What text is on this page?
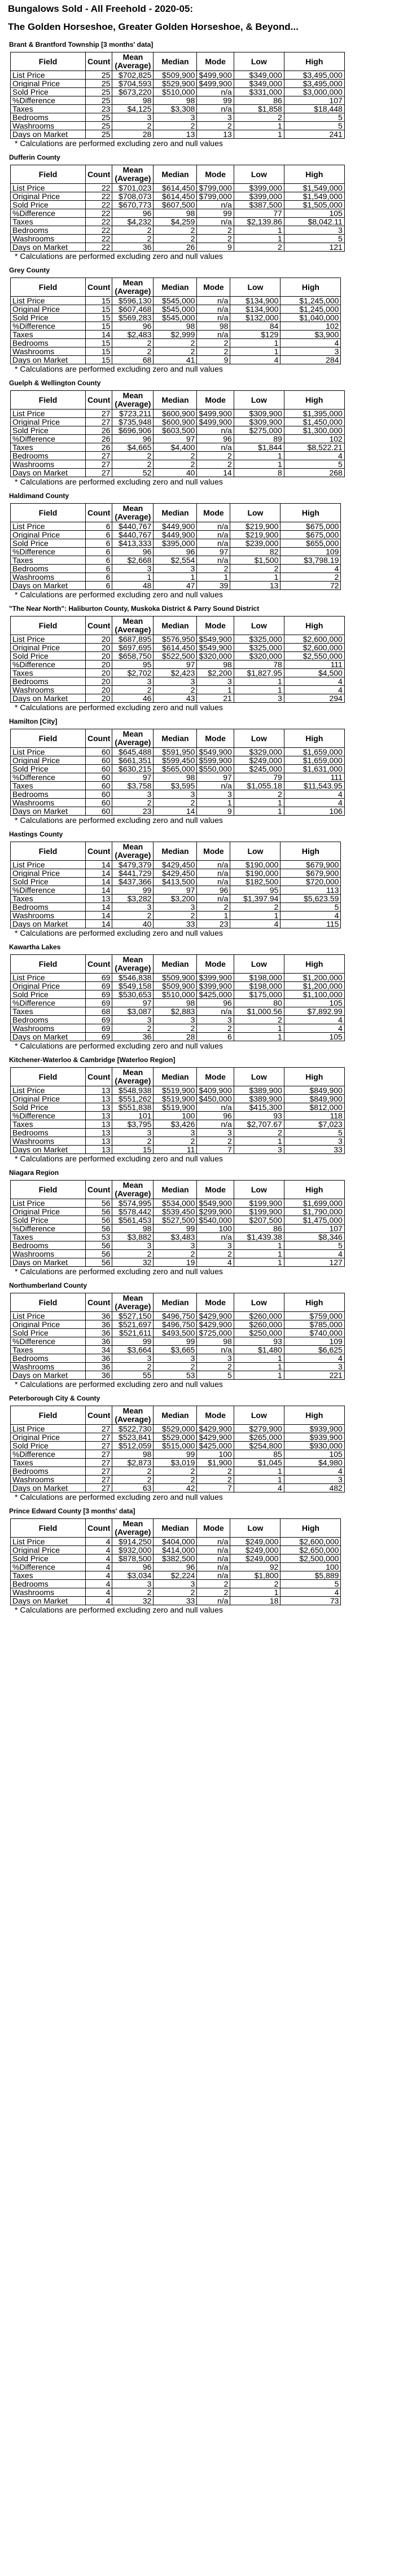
Bungalows Sold - All Freehold - 2020-05:
The Golden Horseshoe, Greater Golden Horseshoe, & Beyond...
Brant & Brantford Township [3 months' data]
Field	Count	Mean (Average)	Median	Mode	Low	High
List Price	25	$702,825	$509,900	$499,900	$349,000	$3,495,000
Original Price	25	$704,593	$529,900	$499,900	$349,000	$3,495,000
Sold Price	25	$673,220	$510,000	n/a	$331,000	$3,000,000
%Difference	25	98	98	99	86	107
Taxes	23	$4,125	$3,308	n/a	$1,858	$18,448
Bedrooms	25	3	3	3	2	5
Washrooms	25	2	2	2	1	5
Days on Market	25	28	13	13	1	241
* Calculations are performed excluding zero and null values
Dufferin County
Field	Count	Mean (Average)	Median	Mode	Low	High
List Price	22	$701,023	$614,450	$799,000	$399,000	$1,549,000
Original Price	22	$708,073	$614,450	$799,000	$399,000	$1,549,000
Sold Price	22	$670,773	$607,500	n/a	$387,500	$1,505,000
%Difference	22	96	98	99	77	105
Taxes	22	$4,232	$4,259	n/a	$2,139.86	$8,042.11
Bedrooms	22	2	2	2	1	3
Washrooms	22	2	2	2	1	5
Days on Market	22	36	26	9	2	121
* Calculations are performed excluding zero and null values
Grey County
Field	Count	Mean (Average)	Median	Mode	Low	High
List Price	15	$596,130	$545,000	n/a	$134,900	$1,245,000
Original Price	15	$607,468	$545,000	n/a	$134,900	$1,245,000
Sold Price	15	$569,283	$545,000	n/a	$132,000	$1,040,000
%Difference	15	96	98	98	84	102
Taxes	14	$2,483	$2,999	n/a	$129	$3,900
Bedrooms	15	2	2	2	1	4
Washrooms	15	2	2	2	1	3
Days on Market	15	68	41	9	4	284
* Calculations are performed excluding zero and null values
Guelph & Wellington County
Field	Count	Mean (Average)	Median	Mode	Low	High
List Price	27	$723,211	$600,900	$499,900	$309,900	$1,395,000
Original Price	27	$735,948	$600,900	$499,900	$309,900	$1,450,000
Sold Price	26	$696,906	$603,500	n/a	$275,000	$1,300,000
%Difference	26	96	97	96	89	102
Taxes	26	$4,665	$4,400	n/a	$1,844	$8,522.21
Bedrooms	27	2	2	2	1	4
Washrooms	27	2	2	2	1	5
Days on Market	27	52	40	14	8	268
* Calculations are performed excluding zero and null values
Haldimand County
Field	Count	Mean (Average)	Median	Mode	Low	High
List Price	6	$440,767	$449,900	n/a	$219,900	$675,000
Original Price	6	$440,767	$449,900	n/a	$219,900	$675,000
Sold Price	6	$413,333	$395,000	n/a	$239,000	$655,000
%Difference	6	96	96	97	82	109
Taxes	6	$2,668	$2,554	n/a	$1,500	$3,798.19
Bedrooms	6	3	3	2	2	4
Washrooms	6	1	1	1	1	2
Days on Market	6	48	47	39	13	72
* Calculations are performed excluding zero and null values
"The Near North": Haliburton County, Muskoka District & Parry Sound District
Field	Count	Mean (Average)	Median	Mode	Low	High
List Price	20	$687,895	$576,950	$549,900	$325,000	$2,600,000
Original Price	20	$697,695	$614,450	$549,900	$325,000	$2,600,000
Sold Price	20	$658,750	$522,500	$320,000	$320,000	$2,550,000
%Difference	20	95	97	98	78	111
Taxes	20	$2,702	$2,423	$2,200	$1,827.95	$4,500
Bedrooms	20	3	3	3	1	4
Washrooms	20	2	2	1	1	4
Days on Market	20	46	43	21	3	294
* Calculations are performed excluding zero and null values
Hamilton [City]
Field	Count	Mean (Average)	Median	Mode	Low	High
List Price	60	$645,488	$591,950	$549,900	$329,000	$1,659,000
Original Price	60	$661,351	$599,450	$599,900	$249,000	$1,659,000
Sold Price	60	$630,215	$565,000	$550,000	$245,000	$1,631,000
%Difference	60	97	98	97	79	111
Taxes	60	$3,758	$3,595	n/a	$1,055.18	$11,543.95
Bedrooms	60	3	3	3	2	4
Washrooms	60	2	2	1	1	4
Days on Market	60	23	14	9	1	106
* Calculations are performed excluding zero and null values
Hastings County
Field	Count	Mean (Average)	Median	Mode	Low	High
List Price	14	$479,379	$429,450	n/a	$190,000	$679,900
Original Price	14	$441,729	$429,450	n/a	$190,000	$679,900
Sold Price	14	$437,366	$413,500	n/a	$182,500	$720,000
%Difference	14	99	97	96	95	113
Taxes	13	$3,282	$3,200	n/a	$1,397.94	$5,623.59
Bedrooms	14	3	3	2	2	5
Washrooms	14	2	2	1	1	4
Days on Market	14	40	33	23	4	115
* Calculations are performed excluding zero and null values
Kawartha Lakes
Field	Count	Mean (Average)	Median	Mode	Low	High
List Price	69	$546,838	$509,900	$399,900	$198,000	$1,200,000
Original Price	69	$549,158	$509,900	$399,900	$198,000	$1,200,000
Sold Price	69	$530,653	$510,000	$425,000	$175,000	$1,100,000
%Difference	69	97	98	96	80	105
Taxes	68	$3,087	$2,883	n/a	$1,000.56	$7,892.99
Bedrooms	69	3	3	3	2	4
Washrooms	69	2	2	2	1	4
Days on Market	69	36	28	6	1	105
* Calculations are performed excluding zero and null values
Kitchener-Waterloo & Cambridge [Waterloo Region]
Field	Count	Mean (Average)	Median	Mode	Low	High
List Price	13	$548,938	$519,900	$409,900	$389,900	$849,900
Original Price	13	$551,262	$519,900	$450,000	$389,900	$849,900
Sold Price	13	$551,838	$519,900	n/a	$415,300	$812,000
%Difference	13	101	100	96	93	118
Taxes	13	$3,795	$3,426	n/a	$2,707.67	$7,023
Bedrooms	13	3	3	3	2	5
Washrooms	13	2	2	2	1	3
Days on Market	13	15	11	7	3	33
* Calculations are performed excluding zero and null values
Niagara Region
Field	Count	Mean (Average)	Median	Mode	Low	High
List Price	56	$574,995	$534,000	$549,900	$199,900	$1,699,000
Original Price	56	$578,442	$539,450	$299,900	$199,900	$1,790,000
Sold Price	56	$561,453	$527,500	$540,000	$207,500	$1,475,000
%Difference	56	98	99	100	86	107
Taxes	53	$3,882	$3,483	n/a	$1,439.38	$8,346
Bedrooms	56	3	3	3	1	5
Washrooms	56	2	2	2	1	4
Days on Market	56	32	19	4	1	127
* Calculations are performed excluding zero and null values
Northumberland County
Field	Count	Mean (Average)	Median	Mode	Low	High
List Price	36	$527,150	$496,750	$429,900	$260,000	$759,000
Original Price	36	$521,697	$496,750	$429,900	$260,000	$785,000
Sold Price	36	$521,611	$493,500	$725,000	$250,000	$740,000
%Difference	36	99	99	98	93	109
Taxes	34	$3,664	$3,665	n/a	$1,480	$6,625
Bedrooms	36	3	3	3	1	4
Washrooms	36	2	2	2	1	3
Days on Market	36	55	53	5	1	221
* Calculations are performed excluding zero and null values
Peterborough City & County
Field	Count	Mean (Average)	Median	Mode	Low	High
List Price	27	$522,730	$529,000	$429,900	$279,900	$939,900
Original Price	27	$523,841	$529,000	$429,900	$265,000	$939,900
Sold Price	27	$512,059	$515,000	$425,000	$254,800	$930,000
%Difference	27	98	99	100	85	105
Taxes	27	$2,873	$3,019	$1,900	$1,045	$4,980
Bedrooms	27	2	2	2	1	4
Washrooms	27	2	2	2	1	3
Days on Market	27	63	42	7	4	482
* Calculations are performed excluding zero and null values
Prince Edward County [3 months' data]
Field	Count	Mean (Average)	Median	Mode	Low	High
List Price	4	$914,250	$404,000	n/a	$249,000	$2,600,000
Original Price	4	$932,000	$414,000	n/a	$249,000	$2,650,000
Sold Price	4	$878,500	$382,500	n/a	$249,000	$2,500,000
%Difference	4	96	96	n/a	92	100
Taxes	4	$3,034	$2,224	n/a	$1,800	$5,889
Bedrooms	4	3	3	2	2	5
Washrooms	4	2	2	2	1	4
Days on Market	4	32	33	n/a	18	73
* Calculations are performed excluding zero and null values
